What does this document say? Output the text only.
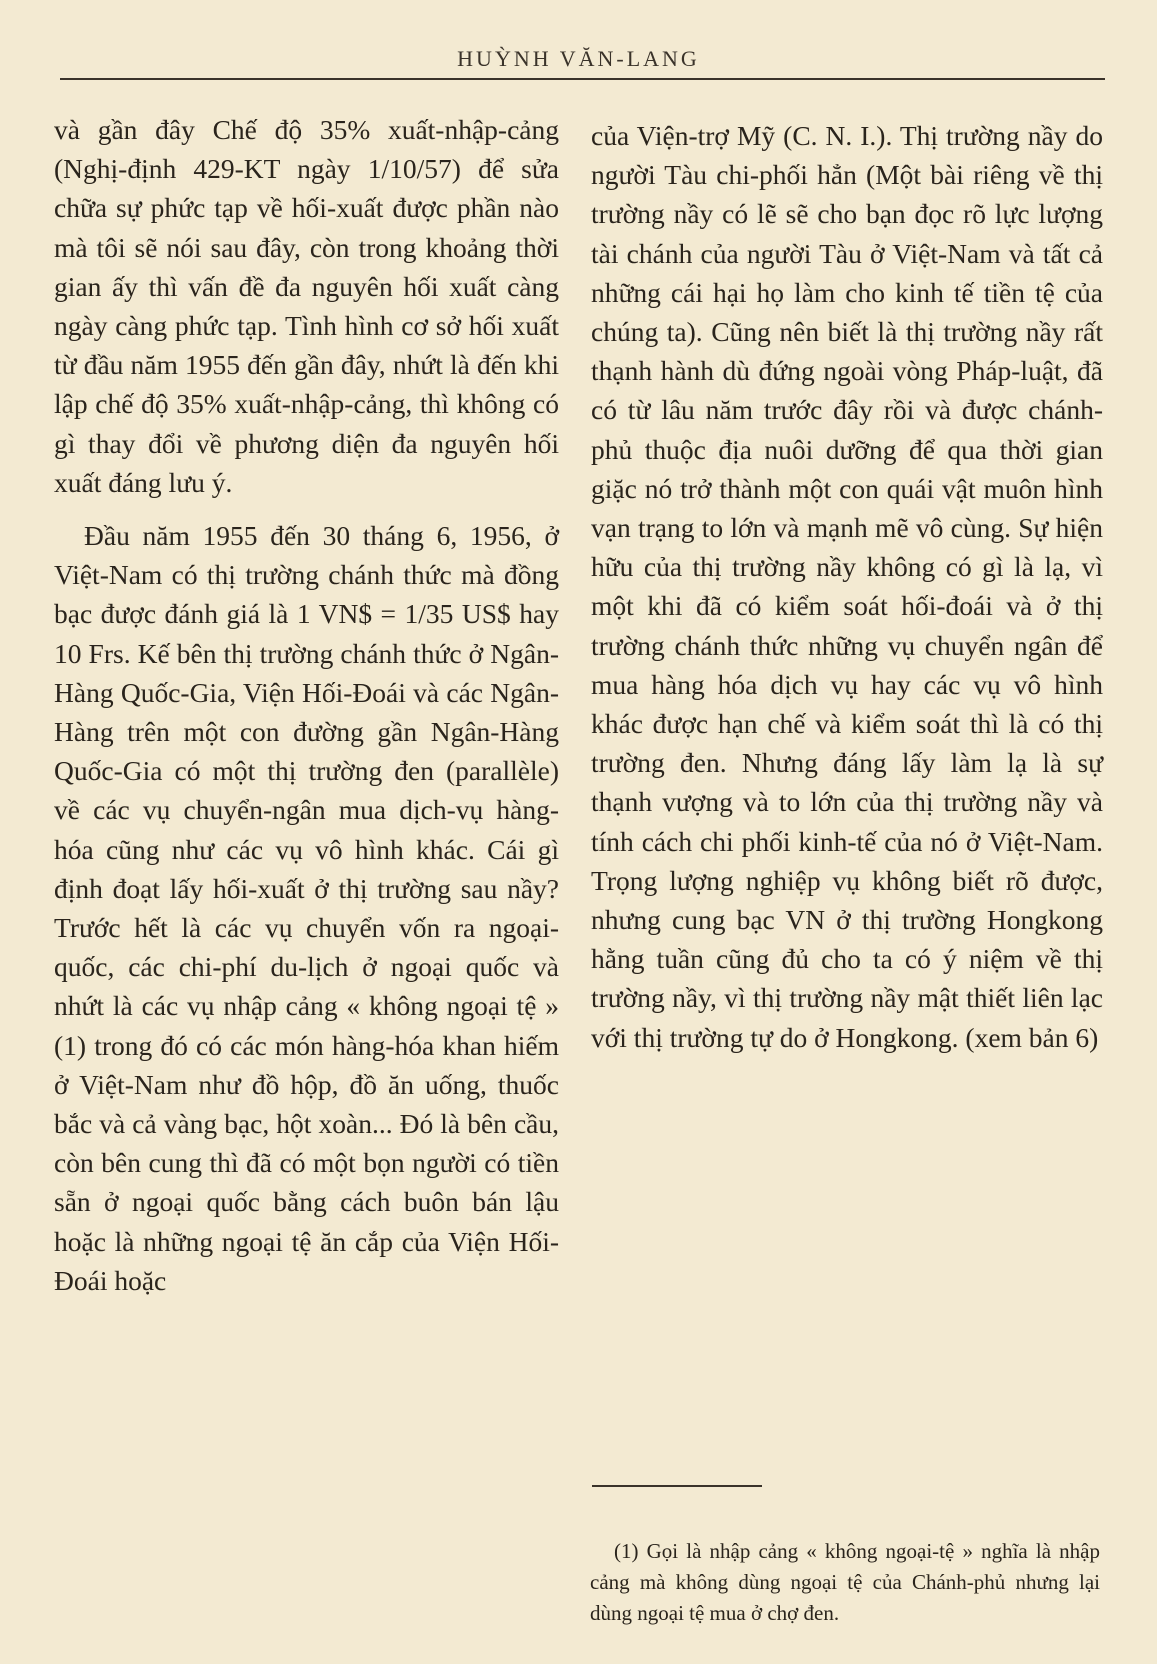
HUỲNH VĂN-LANG

và gần đây Chế độ 35% xuất-nhập-cảng (Nghị-định 429-KT ngày 1/10/57) để sửa chữa sự phức tạp về hối-xuất được phần nào mà tôi sẽ nói sau đây, còn trong khoảng thời gian ấy thì vấn đề đa nguyên hối xuất càng ngày càng phức tạp. Tình hình cơ sở hối xuất từ đầu năm 1955 đến gần đây, nhứt là đến khi lập chế độ 35% xuất-nhập-cảng, thì không có gì thay đổi về phương diện đa nguyên hối xuất đáng lưu ý.

Đầu năm 1955 đến 30 tháng 6, 1956, ở Việt-Nam có thị trường chánh thức mà đồng bạc được đánh giá là 1 VN$ = 1/35 US$ hay 10 Frs. Kế bên thị trường chánh thức ở Ngân-Hàng Quốc-Gia, Viện Hối-Đoái và các Ngân-Hàng trên một con đường gần Ngân-Hàng Quốc-Gia có một thị trường đen (parallèle) về các vụ chuyển-ngân mua dịch-vụ hàng-hóa cũng như các vụ vô hình khác. Cái gì định đoạt lấy hối-xuất ở thị trường sau nầy? Trước hết là các vụ chuyển vốn ra ngoại-quốc, các chi-phí du-lịch ở ngoại quốc và nhứt là các vụ nhập cảng « không ngoại tệ » (1) trong đó có các món hàng-hóa khan hiếm ở Việt-Nam như đồ hộp, đồ ăn uống, thuốc bắc và cả vàng bạc, hột xoàn... Đó là bên cầu, còn bên cung thì đã có một bọn người có tiền sẵn ở ngoại quốc bằng cách buôn bán lậu hoặc là những ngoại tệ ăn cắp của Viện Hối-Đoái hoặc

của Viện-trợ Mỹ (C. N. I.). Thị trường nầy do người Tàu chi-phối hẳn (Một bài riêng về thị trường nầy có lẽ sẽ cho bạn đọc rõ lực lượng tài chánh của người Tàu ở Việt-Nam và tất cả những cái hại họ làm cho kinh tế tiền tệ của chúng ta). Cũng nên biết là thị trường nầy rất thạnh hành dù đứng ngoài vòng Pháp-luật, đã có từ lâu năm trước đây rồi và được chánh-phủ thuộc địa nuôi dưỡng để qua thời gian giặc nó trở thành một con quái vật muôn hình vạn trạng to lớn và mạnh mẽ vô cùng. Sự hiện hữu của thị trường nầy không có gì là lạ, vì một khi đã có kiểm soát hối-đoái và ở thị trường chánh thức những vụ chuyển ngân để mua hàng hóa dịch vụ hay các vụ vô hình khác được hạn chế và kiểm soát thì là có thị trường đen. Nhưng đáng lấy làm lạ là sự thạnh vượng và to lớn của thị trường nầy và tính cách chi phối kinh-tế của nó ở Việt-Nam. Trọng lượng nghiệp vụ không biết rõ được, nhưng cung bạc VN ở thị trường Hongkong hằng tuần cũng đủ cho ta có ý niệm về thị trường nầy, vì thị trường nầy mật thiết liên lạc với thị trường tự do ở Hongkong. (xem bản 6)

(1) Gọi là nhập cảng « không ngoại-tệ » nghĩa là nhập cảng mà không dùng ngoại tệ của Chánh-phủ nhưng lại dùng ngoại tệ mua ở chợ đen.
